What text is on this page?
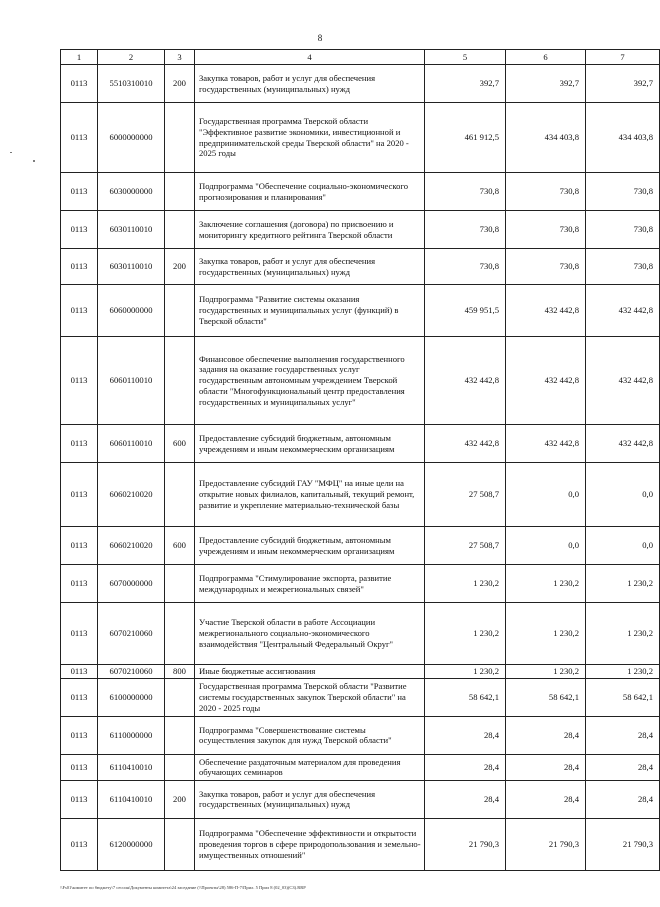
8
1	2	3	4	5	6	7
0113	5510310010	200	Закупка товаров, работ и услуг для обеспечения государственных (муниципальных) нужд	392,7	392,7	392,7
0113	6000000000		Государственная программа Тверской области "Эффективное развитие экономики, инвестиционной и предпринимательской среды Тверской области" на 2020 - 2025 годы	461 912,5	434 403,8	434 403,8
0113	6030000000		Подпрограмма "Обеспечение социально-экономического прогнозирования и планирования"	730,8	730,8	730,8
0113	6030110010		Заключение соглашения (договора) по присвоению и мониторингу кредитного рейтинга Тверской области	730,8	730,8	730,8
0113	6030110010	200	Закупка товаров, работ и услуг для обеспечения государственных (муниципальных) нужд	730,8	730,8	730,8
0113	6060000000		Подпрограмма "Развитие системы оказания государственных и муниципальных услуг (функций) в Тверской области"	459 951,5	432 442,8	432 442,8
0113	6060110010		Финансовое обеспечение выполнения государственного задания на оказание государственных услуг государственным автономным учреждением Тверской области "Многофункциональный центр предоставления государственных и муниципальных услуг"	432 442,8	432 442,8	432 442,8
0113	6060110010	600	Предоставление субсидий бюджетным, автономным учреждениям и иным некоммерческим организациям	432 442,8	432 442,8	432 442,8
0113	6060210020		Предоставление субсидий ГАУ "МФЦ" на иные цели на открытие новых филиалов, капитальный, текущий ремонт, развитие и укрепление материально-технической базы	27 508,7	0,0	0,0
0113	6060210020	600	Предоставление субсидий бюджетным, автономным учреждениям и иным некоммерческим организациям	27 508,7	0,0	0,0
0113	6070000000		Подпрограмма "Стимулирование экспорта, развитие международных и межрегиональных связей"	1 230,2	1 230,2	1 230,2
0113	6070210060		Участие Тверской области в работе Ассоциации межрегионального социально-экономического взаимодействия "Центральный Федеральный Округ"	1 230,2	1 230,2	1 230,2
0113	6070210060	800	Иные бюджетные ассигнования	1 230,2	1 230,2	1 230,2
0113	6100000000		Государственная программа Тверской области "Развитие системы государственных закупок Тверской области" на 2020 - 2025 годы	58 642,1	58 642,1	58 642,1
0113	6110000000		Подпрограмма "Совершенствование системы осуществления закупок для нужд Тверской области"	28,4	28,4	28,4
0113	6110410010		Обеспечение раздаточным материалом для проведения обучающих семинаров	28,4	28,4	28,4
0113	6110410010	200	Закупка товаров, работ и услуг для обеспечения государственных (муниципальных) нужд	28,4	28,4	28,4
0113	6120000000		Подпрограмма "Обеспечение эффективности и открытости проведения торгов в сфере природопользования и земельно-имущественных отношений"	21 790,3	21 790,3	21 790,3
\\Fs01\комитет по бюджету\7 сессия\Документы комитета\24 заседание (\\Проекты\28) 586-П-7\Прил. 5 Прил 8 (02_03)(СЗ).RRP
